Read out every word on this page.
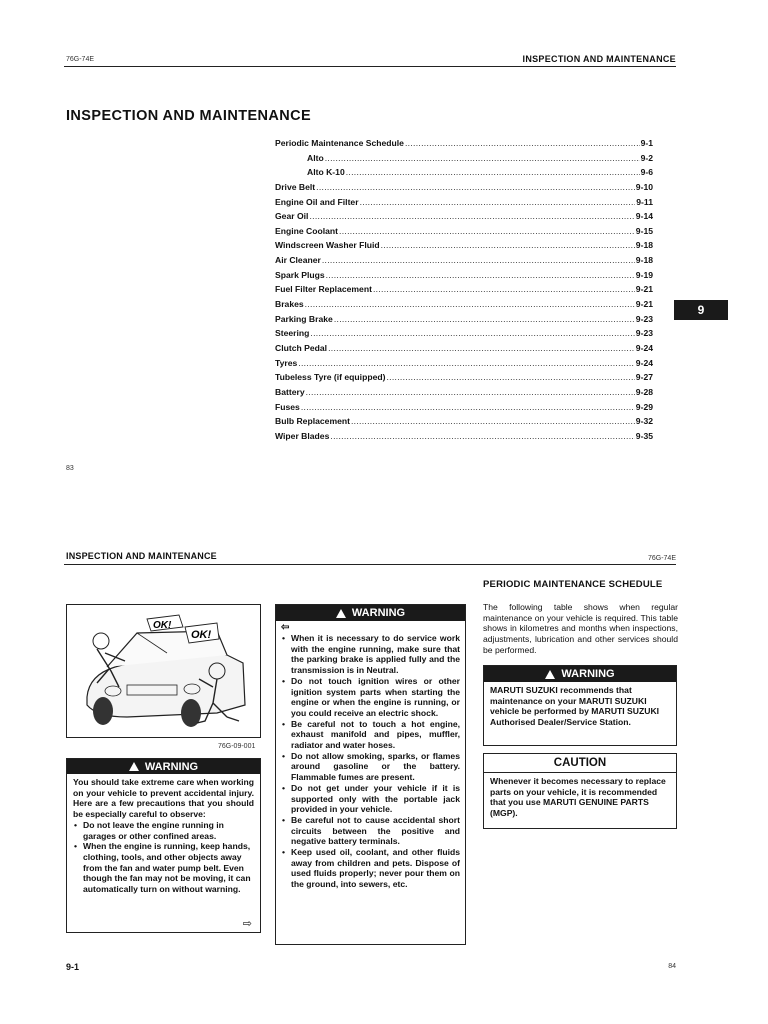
76G-74E	INSPECTION AND MAINTENANCE
INSPECTION AND MAINTENANCE
Periodic Maintenance Schedule .....	9-1
Alto .....	9-2
Alto K-10 .....	9-6
Drive Belt .....	9-10
Engine Oil and Filter .....	9-11
Gear Oil .....	9-14
Engine Coolant .....	9-15
Windscreen Washer Fluid .....	9-18
Air Cleaner .....	9-18
Spark Plugs .....	9-19
Fuel Filter Replacement .....	9-21
Brakes .....	9-21
Parking Brake .....	9-23
Steering .....	9-23
Clutch Pedal .....	9-24
Tyres .....	9-24
Tubeless Tyre (if equipped) .....	9-27
Battery .....	9-28
Fuses .....	9-29
Bulb Replacement .....	9-32
Wiper Blades .....	9-35
9
83
INSPECTION AND MAINTENANCE	76G-74E
PERIODIC MAINTENANCE SCHEDULE
OK!
OK!
76G-09-001
WARNING
You should take extreme care when working on your vehicle to prevent accidental injury. Here are a few precautions that you should be especially careful to observe:
• Do not leave the engine running in garages or other confined areas.
• When the engine is running, keep hands, clothing, tools, and other objects away from the fan and water pump belt. Even though the fan may not be moving, it can automatically turn on without warning.
⇨
WARNING
⇦
• When it is necessary to do service work with the engine running, make sure that the parking brake is applied fully and the transmission is in Neutral.
• Do not touch ignition wires or other ignition system parts when starting the engine or when the engine is running, or you could receive an electric shock.
• Be careful not to touch a hot engine, exhaust manifold and pipes, muffler, radiator and water hoses.
• Do not allow smoking, sparks, or flames around gasoline or the battery. Flammable fumes are present.
• Do not get under your vehicle if it is supported only with the portable jack provided in your vehicle.
• Be careful not to cause accidental short circuits between the positive and negative battery terminals.
• Keep used oil, coolant, and other fluids away from children and pets. Dispose of used fluids properly; never pour them on the ground, into sewers, etc.
The following table shows when regular maintenance on your vehicle is required. This table shows in kilometres and months when inspections, adjustments, lubrication and other services should be performed.
WARNING
MARUTI SUZUKI recommends that maintenance on your MARUTI SUZUKI vehicle be performed by MARUTI SUZUKI Authorised Dealer/Service Station.
CAUTION
Whenever it becomes necessary to replace parts on your vehicle, it is recommended that you use MARUTI GENUINE PARTS (MGP).
9-1	84
